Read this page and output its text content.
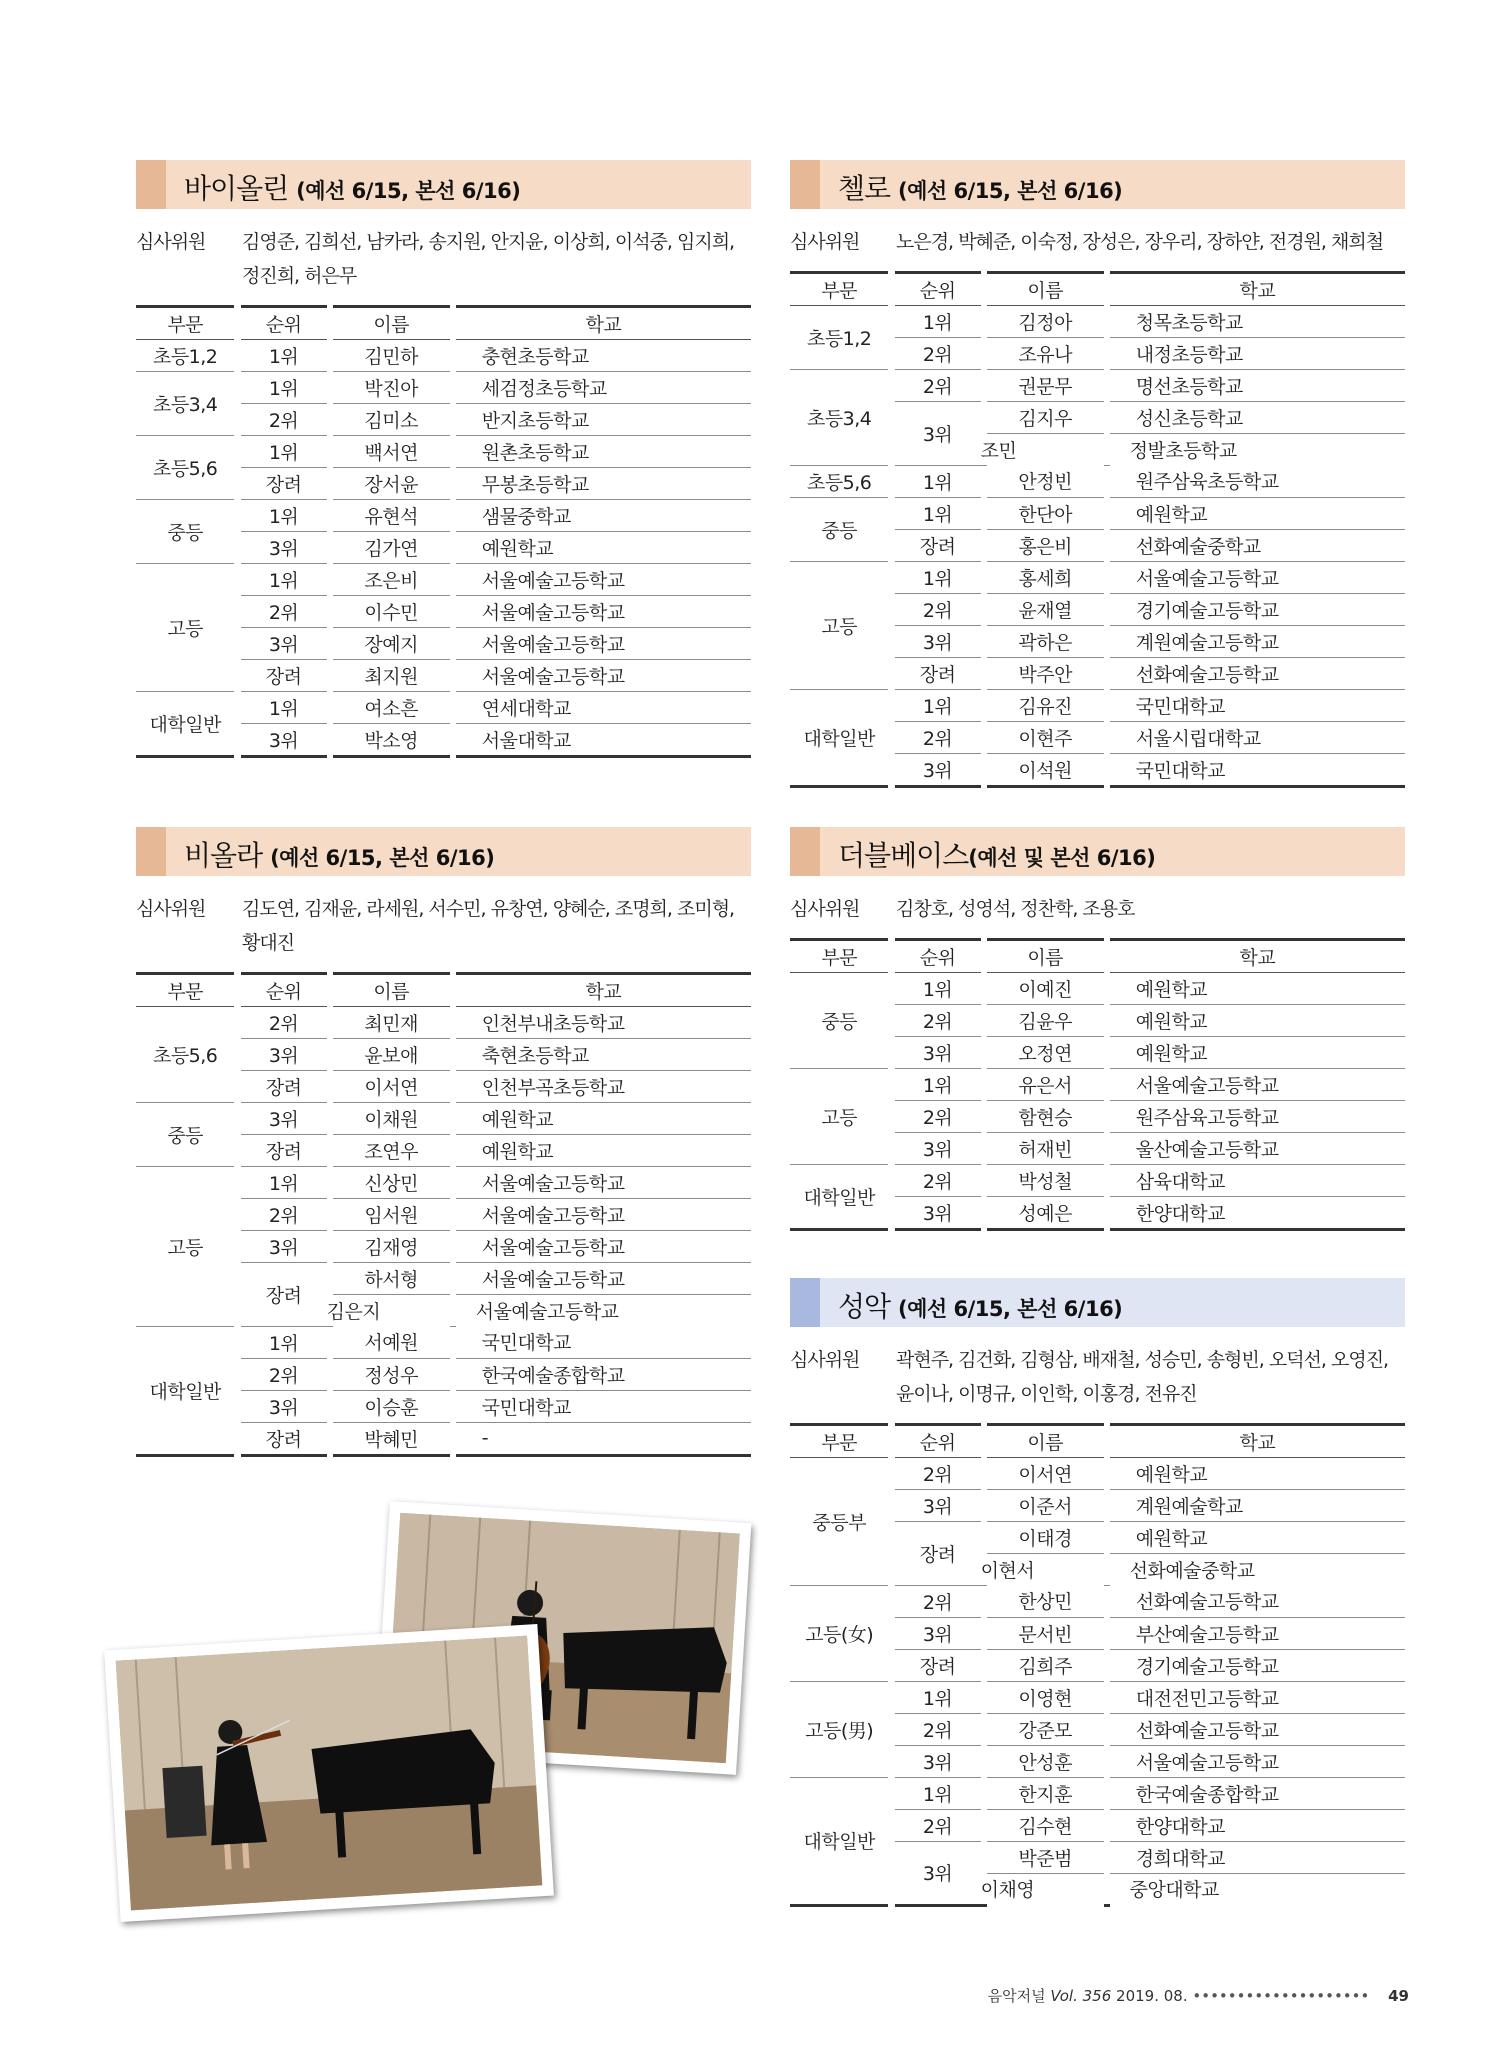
바이올린 (예선 6/15, 본선 6/16)
심사위원 김영준, 김희선, 남카라, 송지원, 안지윤, 이상희, 이석중, 임지희, 정진희, 허은무
부문		순위		이름		학교
초등1,2		1위		김민하		충현초등학교
초등3,4		1위		박진아		세검정초등학교
		2위		김미소		반지초등학교
초등5,6		1위		백서연		원촌초등학교
		장려		장서윤		무봉초등학교
중등		1위		유현석		샘물중학교
		3위		김가연		예원학교
고등		1위		조은비		서울예술고등학교
		2위		이수민		서울예술고등학교
		3위		장예지		서울예술고등학교
		장려		최지원		서울예술고등학교
대학일반		1위		여소흔		연세대학교
		3위		박소영		서울대학교
첼로 (예선 6/15, 본선 6/16)
심사위원 노은경, 박혜준, 이숙정, 장성은, 장우리, 장하얀, 전경원, 채희철
부문		순위		이름		학교
초등1,2		1위		김정아		청목초등학교
		2위		조유나		내정초등학교
초등3,4		2위		권문무		명선초등학교
		3위		김지우		성신초등학교
			조민		정발초등학교	
초등5,6		1위		안정빈		원주삼육초등학교
중등		1위		한단아		예원학교
		장려		홍은비		선화예술중학교
고등		1위		홍세희		서울예술고등학교
		2위		윤재열		경기예술고등학교
		3위		곽하은		계원예술고등학교
		장려		박주안		선화예술고등학교
대학일반		1위		김유진		국민대학교
		2위		이현주		서울시립대학교
		3위		이석원		국민대학교
비올라 (예선 6/15, 본선 6/16)
심사위원 김도연, 김재윤, 라세원, 서수민, 유창연, 양혜순, 조명희, 조미형, 황대진
부문		순위		이름		학교
초등5,6		2위		최민재		인천부내초등학교
		3위		윤보애		축현초등학교
		장려		이서연		인천부곡초등학교
중등		3위		이채원		예원학교
		장려		조연우		예원학교
고등		1위		신상민		서울예술고등학교
		2위		임서원		서울예술고등학교
		3위		김재영		서울예술고등학교
		장려		하서형		서울예술고등학교
			김은지		서울예술고등학교	
대학일반		1위		서예원		국민대학교
		2위		정성우		한국예술종합학교
		3위		이승훈		국민대학교
		장려		박혜민		-
더블베이스(예선 및 본선 6/16)
심사위원 김창호, 성영석, 정찬학, 조용호
부문		순위		이름		학교
중등		1위		이예진		예원학교
		2위		김윤우		예원학교
		3위		오정연		예원학교
고등		1위		유은서		서울예술고등학교
		2위		함현승		원주삼육고등학교
		3위		허재빈		울산예술고등학교
대학일반		2위		박성철		삼육대학교
		3위		성예은		한양대학교
성악 (예선 6/15, 본선 6/16)
심사위원 곽현주, 김건화, 김형삼, 배재철, 성승민, 송형빈, 오덕선, 오영진, 윤이나, 이명규, 이인학, 이홍경, 전유진
부문		순위		이름		학교
중등부		2위		이서연		예원학교
		3위		이준서		계원예술학교
		장려		이태경		예원학교
			이현서		선화예술중학교	
고등(女)		2위		한상민		선화예술고등학교
		3위		문서빈		부산예술고등학교
		장려		김희주		경기예술고등학교
고등(男)		1위		이영현		대전전민고등학교
		2위		강준모		선화예술고등학교
		3위		안성훈		서울예술고등학교
대학일반		1위		한지훈		한국예술종합학교
		2위		김수현		한양대학교
		3위		박준범		경희대학교
			이채영		중앙대학교	
음악저널 Vol. 356 2019. 08. •••••••••••••••••••• 49
